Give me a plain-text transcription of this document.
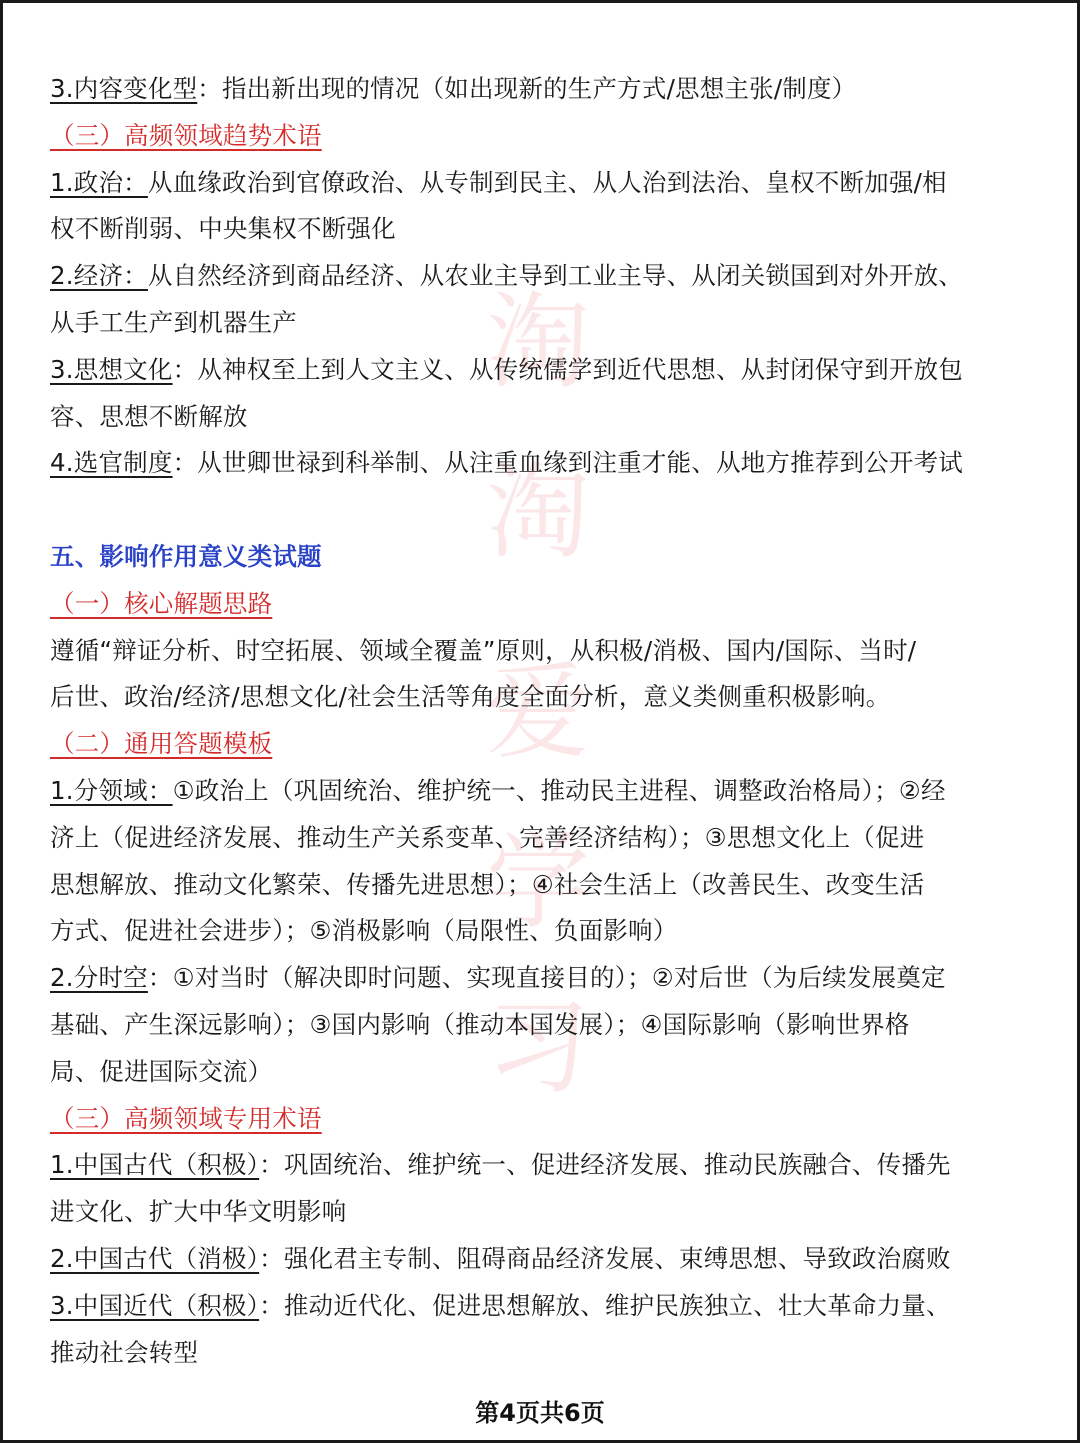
3.内容变化型：指出新出现的情况（如出现新的生产方式/思想主张/制度）
（三）高频领域趋势术语
1.政治：从血缘政治到官僚政治、从专制到民主、从人治到法治、皇权不断加强/相
权不断削弱、中央集权不断强化
2.经济：从自然经济到商品经济、从农业主导到工业主导、从闭关锁国到对外开放、
从手工生产到机器生产
3.思想文化：从神权至上到人文主义、从传统儒学到近代思想、从封闭保守到开放包
容、思想不断解放
4.选官制度：从世卿世禄到科举制、从注重血缘到注重才能、从地方推荐到公开考试
五、影响作用意义类试题
（一）核心解题思路
遵循“辩证分析、时空拓展、领域全覆盖”原则，从积极/消极、国内/国际、当时/
后世、政治/经济/思想文化/社会生活等角度全面分析，意义类侧重积极影响。
（二）通用答题模板
1.分领域：①政治上（巩固统治、维护统一、推动民主进程、调整政治格局）；②经
济上（促进经济发展、推动生产关系变革、完善经济结构）；③思想文化上（促进
思想解放、推动文化繁荣、传播先进思想）；④社会生活上（改善民生、改变生活
方式、促进社会进步）；⑤消极影响（局限性、负面影响）
2.分时空：①对当时（解决即时问题、实现直接目的）；②对后世（为后续发展奠定
基础、产生深远影响）；③国内影响（推动本国发展）；④国际影响（影响世界格
局、促进国际交流）
（三）高频领域专用术语
1.中国古代（积极）：巩固统治、维护统一、促进经济发展、推动民族融合、传播先
进文化、扩大中华文明影响
2.中国古代（消极）：强化君主专制、阻碍商品经济发展、束缚思想、导致政治腐败
3.中国近代（积极）：推动近代化、促进思想解放、维护民族独立、壮大革命力量、
推动社会转型
第4页共6页
